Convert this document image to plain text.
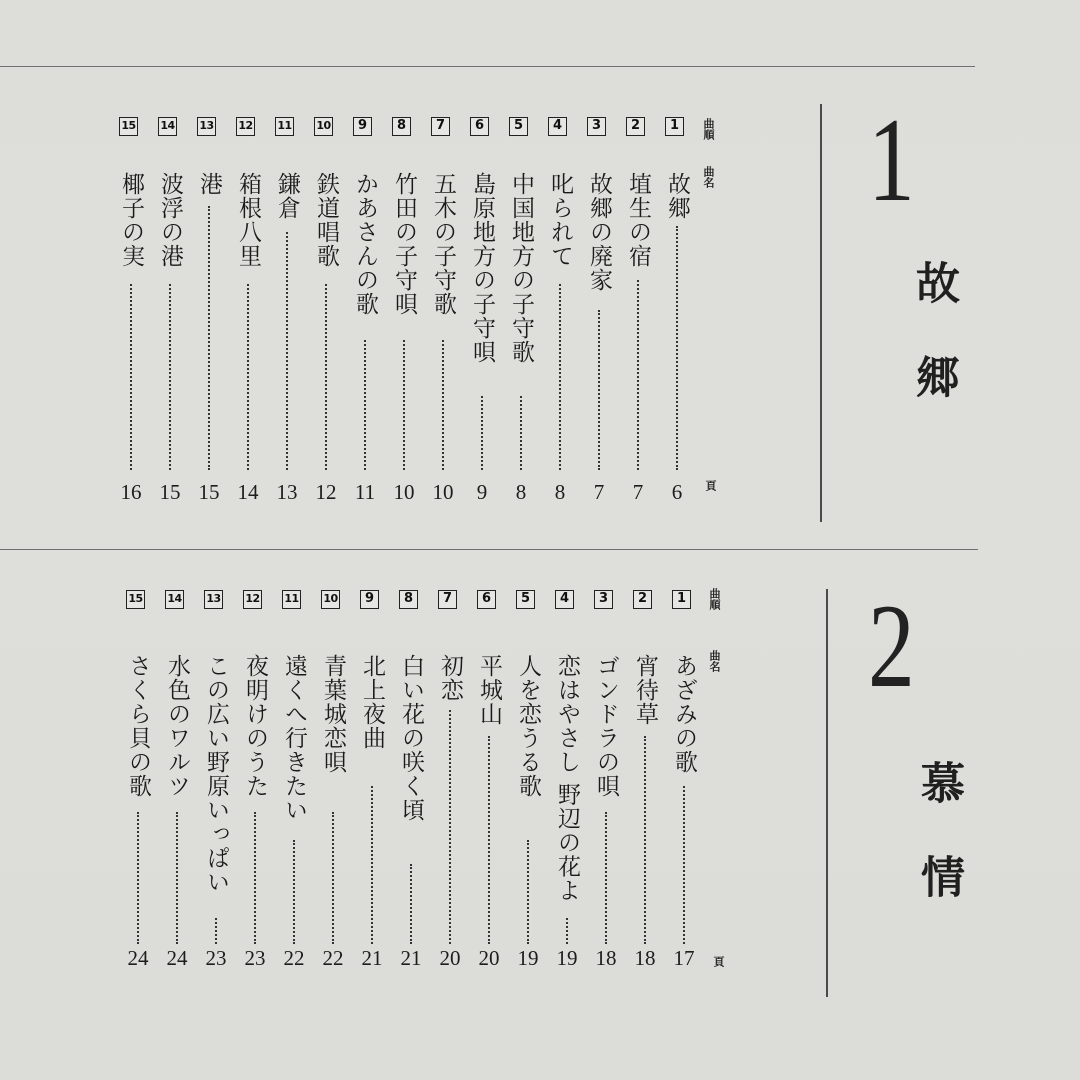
1
故郷
曲順
曲名
頁
1
故郷
6
2
埴生の宿
7
3
故郷の廃家
7
4
叱られて
8
5
中国地方の子守歌
8
6
島原地方の子守唄
9
7
五木の子守歌
10
8
竹田の子守唄
10
9
かあさんの歌
11
10
鉄道唱歌
12
11
鎌倉
13
12
箱根八里
14
13
港
15
14
波浮の港
15
15
椰子の実
16
2
慕情
曲順
曲名
頁
1
あざみの歌
17
2
宵待草
18
3
ゴンドラの唄
18
4
恋はやさし 野辺の花よ
19
5
人を恋うる歌
19
6
平城山
20
7
初恋
20
8
白い花の咲く頃
21
9
北上夜曲
21
10
青葉城恋唄
22
11
遠くへ行きたい
22
12
夜明けのうた
23
13
この広い野原いっぱい
23
14
水色のワルツ
24
15
さくら貝の歌
24
